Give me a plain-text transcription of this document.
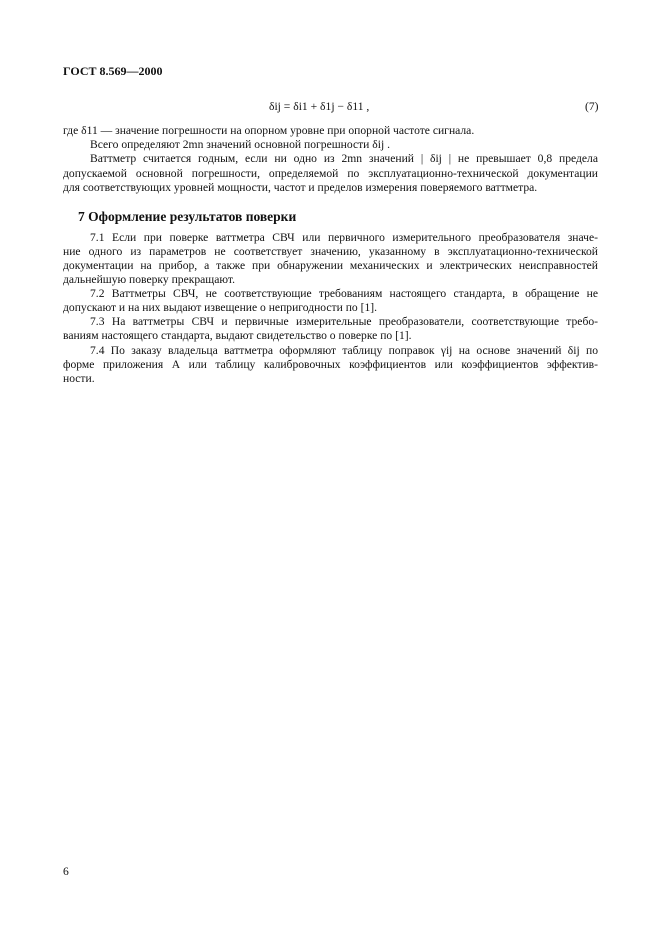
ГОСТ 8.569—2000
δij = δi1 + δ1j − δ11 ,	(7)
где δ11 — значение погрешности на опорном уровне при опорной частоте сигнала.
Всего определяют 2mn значений основной погрешности δij .
Ваттметр считается годным, если ни одно из 2mn значений | δij | не превышает 0,8 предела
допускаемой основной погрешности, определяемой по эксплуатационно-технической документации
для соответствующих уровней мощности, частот и пределов измерения поверяемого ваттметра.
7 Оформление результатов поверки
7.1 Если при поверке ваттметра СВЧ или первичного измерительного преобразователя значе-
ние одного из параметров не соответствует значению, указанному в эксплуатационно-технической
документации на прибор, а также при обнаружении механических и электрических неисправностей
дальнейшую поверку прекращают.
7.2 Ваттметры СВЧ, не соответствующие требованиям настоящего стандарта, в обращение не
допускают и на них выдают извещение о непригодности по [1].
7.3 На ваттметры СВЧ и первичные измерительные преобразователи, соответствующие требо-
ваниям настоящего стандарта, выдают свидетельство о поверке по [1].
7.4 По заказу владельца ваттметра оформляют таблицу поправок γij на основе значений δij по
форме приложения А или таблицу калибровочных коэффициентов или коэффициентов эффектив-
ности.
6
